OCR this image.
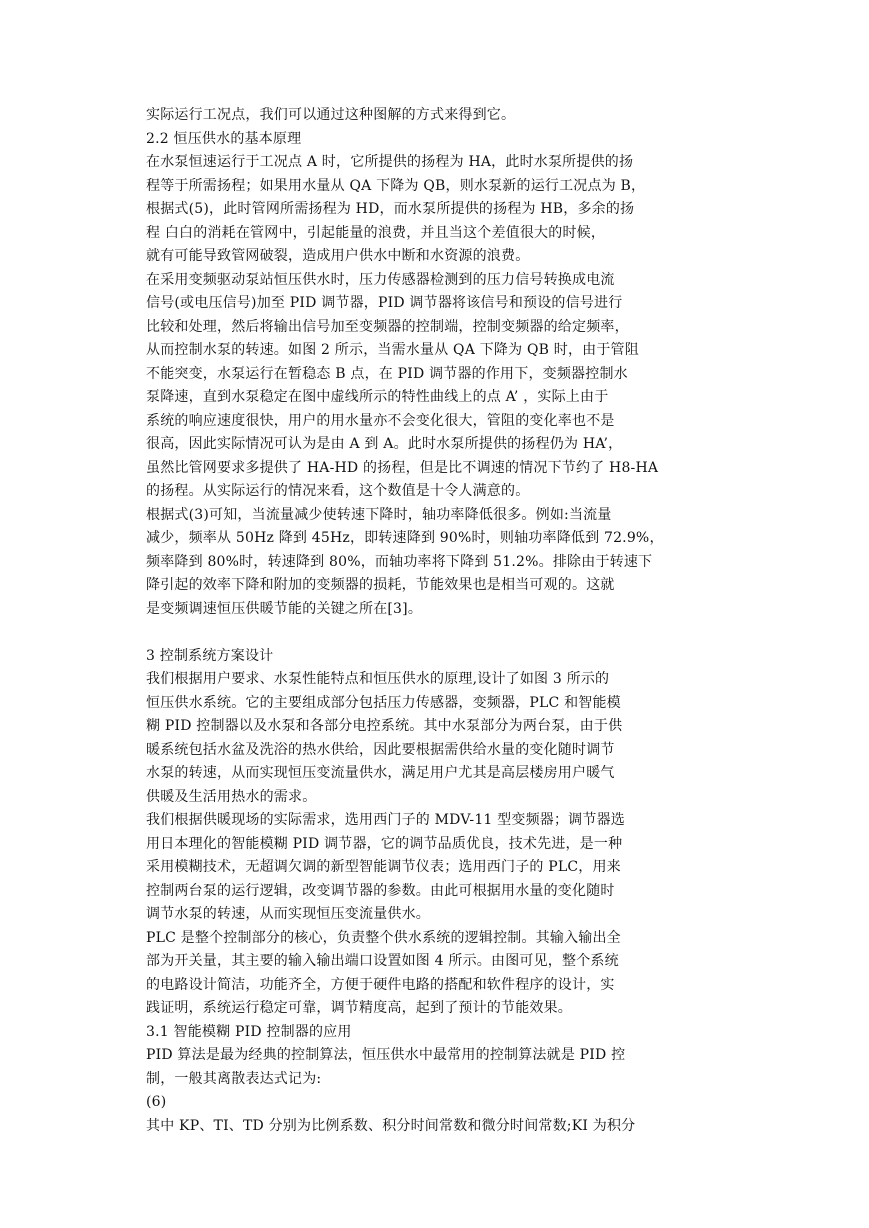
实际运行工况点，我们可以通过这种图解的方式来得到它。
2.2 恒压供水的基本原理
在水泵恒速运行于工况点 A 时，它所提供的扬程为 HA，此时水泵所提供的扬
程等于所需扬程；如果用水量从 QA 下降为 QB，则水泵新的运行工况点为 B，
根据式(5)，此时管网所需扬程为 HD，而水泵所提供的扬程为 HB，多余的扬
程 白白的消耗在管网中，引起能量的浪费，并且当这个差值很大的时候，
就有可能导致管网破裂，造成用户供水中断和水资源的浪费。
在采用变频驱动泵站恒压供水时，压力传感器检测到的压力信号转换成电流
信号(或电压信号)加至 PID 调节器，PID 调节器将该信号和预设的信号进行
比较和处理，然后将输出信号加至变频器的控制端，控制变频器的给定频率，
从而控制水泵的转速。如图 2 所示，当需水量从 QA 下降为 QB 时，由于管阻
不能突变，水泵运行在暂稳态 B 点，在 PID 调节器的作用下，变频器控制水
泵降速，直到水泵稳定在图中虚线所示的特性曲线上的点 A’ ，实际上由于
系统的响应速度很快，用户的用水量亦不会变化很大，管阻的变化率也不是
很高，因此实际情况可认为是由 A 到 A。此时水泵所提供的扬程仍为 HA’，
虽然比管网要求多提供了 HA-HD 的扬程，但是比不调速的情况下节约了 H8-HA
的扬程。从实际运行的情况来看，这个数值是十令人满意的。
根据式(3)可知，当流量减少使转速下降时，轴功率降低很多。例如:当流量
减少，频率从 50Hz 降到 45Hz，即转速降到 90%时，则轴功率降低到 72.9%，
频率降到 80%时，转速降到 80%，而轴功率将下降到 51.2%。排除由于转速下
降引起的效率下降和附加的变频器的损耗，节能效果也是相当可观的。这就
是变频调速恒压供暖节能的关键之所在[3]。
3 控制系统方案设计
我们根据用户要求、水泵性能特点和恒压供水的原理,设计了如图 3 所示的
恒压供水系统。它的主要组成部分包括压力传感器，变频器，PLC 和智能模
糊 PID 控制器以及水泵和各部分电控系统。其中水泵部分为两台泵，由于供
暖系统包括水盆及洗浴的热水供给，因此要根据需供给水量的变化随时调节
水泵的转速，从而实现恒压变流量供水，满足用户尤其是高层楼房用户暖气
供暖及生活用热水的需求。
我们根据供暖现场的实际需求，选用西门子的 MDV-11 型变频器；调节器选
用日本理化的智能模糊 PID 调节器，它的调节品质优良，技术先进，是一种
采用模糊技术，无超调欠调的新型智能调节仪表；选用西门子的 PLC，用来
控制两台泵的运行逻辑，改变调节器的参数。由此可根据用水量的变化随时
调节水泵的转速，从而实现恒压变流量供水。
PLC 是整个控制部分的核心，负责整个供水系统的逻辑控制。其输入输出全
部为开关量，其主要的输入输出端口设置如图 4 所示。由图可见，整个系统
的电路设计简洁，功能齐全，方便于硬件电路的搭配和软件程序的设计，实
践证明，系统运行稳定可靠，调节精度高，起到了预计的节能效果。
3.1 智能模糊 PID 控制器的应用
PID 算法是最为经典的控制算法，恒压供水中最常用的控制算法就是 PID 控
制，一般其离散表达式记为:
(6)
其中 KP、TI、TD 分别为比例系数、积分时间常数和微分时间常数;KI 为积分
